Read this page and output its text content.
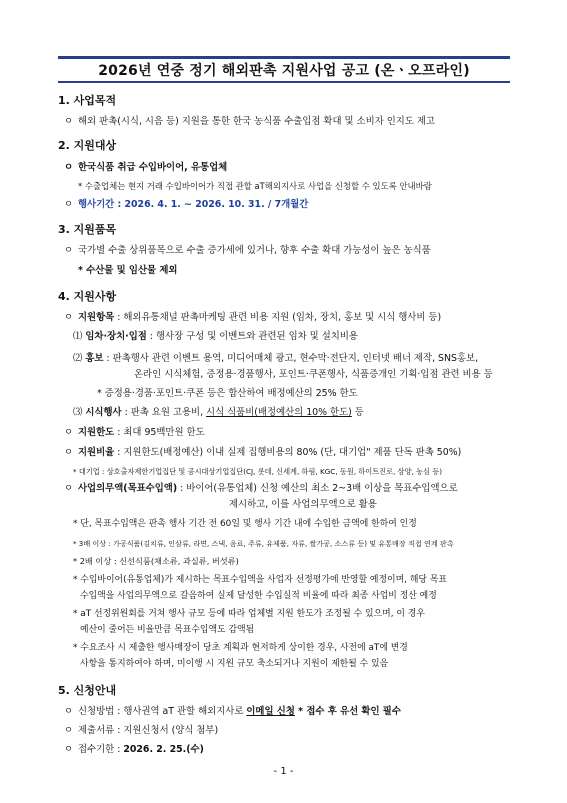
2026년 연중 정기 해외판촉 지원사업 공고 (온ㆍ오프라인)
1. 사업목적
ㅇ 해외 판촉(시식, 시음 등) 지원을 통한 한국 농식품 수출입점 확대 및 소비자 인지도 제고
2. 지원대상
ㅇ 한국식품 취급 수입바이어, 유통업체
* 수출업체는 현지 거래 수입바이어가 직접 관할 aT해외지사로 사업을 신청할 수 있도록 안내바람
ㅇ 행사기간 : 2026. 4. 1. ~ 2026. 10. 31. / 7개월간
3. 지원품목
ㅇ 국가별 수출 상위품목으로 수출 증가세에 있거나, 향후 수출 확대 가능성이 높은 농식품
* 수산물 및 임산물 제외
4. 지원사항
ㅇ 지원항목 : 해외유통채널 판촉마케팅 관련 비용 지원 (임차, 장치, 홍보 및 시식 행사비 등)
⑴ 임차·장치·입점 : 행사장 구성 및 이벤트와 관련된 임차 및 설치비용
⑵ 홍보 : 판촉행사 관련 이벤트 용역, 미디어매체 광고, 현수막·전단지, 인터넷 배너 제작, SNS홍보,
온라인 시식체험, 증정용·경품행사, 포인트·쿠폰행사, 식품증개인 기획·입점 관련 비용 등
* 증정용·경품·포인트·쿠폰 등은 합산하여 배정예산의 25% 한도
⑶ 시식행사 : 판촉 요원 고용비, 시식 식품비(배정예산의 10% 한도) 등
ㅇ 지원한도 : 최대 95백만원 한도
ㅇ 지원비율 : 지원한도(배정예산) 이내 실제 집행비용의 80% (단, 대기업" 제품 단독 판촉 50%)
* 대기업 : 상호출자제한기업집단 및 공시대상기업집단(CJ, 롯데, 신세계, 하림, KGC, 동원, 하이트진로, 삼양, 농심 등)
ㅇ 사업의무액(목표수입액) : 바이어(유통업체) 신청 예산의 최소 2~3배 이상을 목표수입액으로
제시하고, 이를 사업의무액으로 활용
* 단, 목표수입액은 판촉 행사 기간 전 60일 및 행사 기간 내에 수입한 금액에 한하여 인정
* 3배 이상 : 가공식품(김치류, 인삼류, 라면, 스낵, 음료, 주류, 유제품, 자류, 쌀가공, 소스류 등) 및 유통매장 직접 연계 판촉
* 2배 이상 : 신선식품(채소류, 과실류, 버섯류)
* 수입바이어(유통업체)가 제시하는 목표수입액을 사업자 선정평가에 반영할 예정이며, 해당 목표
수입액을 사업의무액으로 갈음하여 실제 달성한 수입실적 비율에 따라 최종 사업비 정산 예정
* aT 선정위원회를 거쳐 행사 규모 등에 따라 업체별 지원 한도가 조정될 수 있으며, 이 경우
예산이 줄어든 비율만큼 목표수입액도 감액됨
* 수요조사 시 제출한 행사매장이 당초 계획과 현저하게 상이한 경우, 사전에 aT에 변경
사항을 통지하여야 하며, 미이행 시 지원 규모 축소되거나 지원이 제한될 수 있음
5. 신청안내
ㅇ 신청방법 : 행사권역 aT 관할 해외지사로 이메일 신청 * 접수 후 유선 확인 필수
ㅇ 제출서류 : 지원신청서 (양식 첨부)
ㅇ 접수기한 : 2026. 2. 25.(수)
- 1 -
